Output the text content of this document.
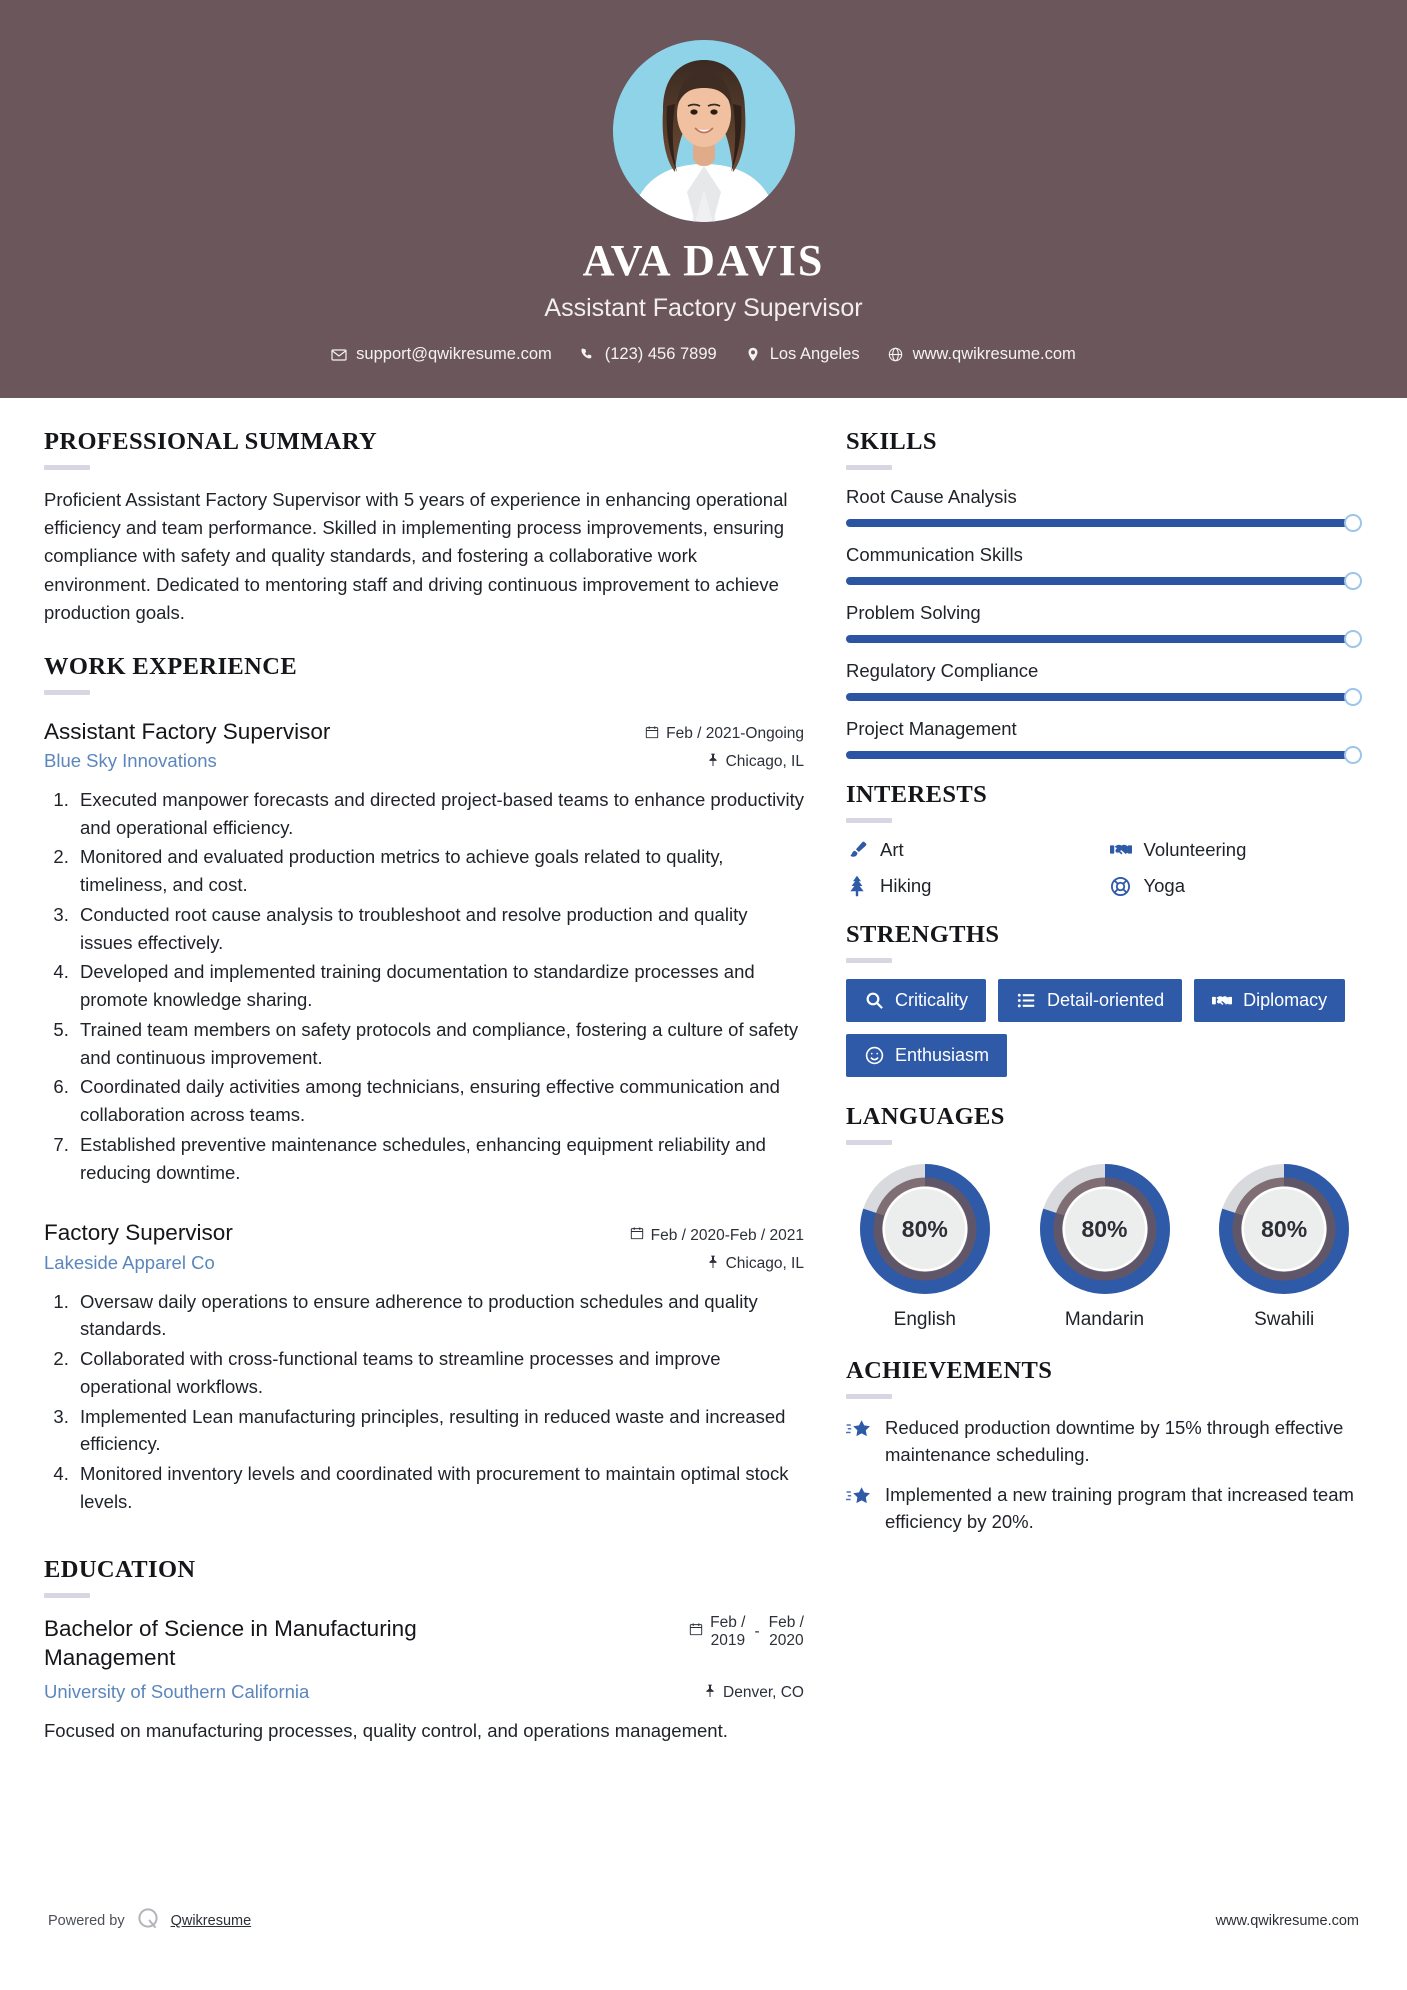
AVA DAVIS
Assistant Factory Supervisor
support@qwikresume.com	(123) 456 7899	Los Angeles	www.qwikresume.com
PROFESSIONAL SUMMARY
Proficient Assistant Factory Supervisor with 5 years of experience in enhancing operational efficiency and team performance. Skilled in implementing process improvements, ensuring compliance with safety and quality standards, and fostering a collaborative work environment. Dedicated to mentoring staff and driving continuous improvement to achieve production goals.
WORK EXPERIENCE
Assistant Factory Supervisor	Feb / 2021-Ongoing
Blue Sky Innovations	Chicago, IL
1. Executed manpower forecasts and directed project-based teams to enhance productivity and operational efficiency.
2. Monitored and evaluated production metrics to achieve goals related to quality, timeliness, and cost.
3. Conducted root cause analysis to troubleshoot and resolve production and quality issues effectively.
4. Developed and implemented training documentation to standardize processes and promote knowledge sharing.
5. Trained team members on safety protocols and compliance, fostering a culture of safety and continuous improvement.
6. Coordinated daily activities among technicians, ensuring effective communication and collaboration across teams.
7. Established preventive maintenance schedules, enhancing equipment reliability and reducing downtime.
Factory Supervisor	Feb / 2020-Feb / 2021
Lakeside Apparel Co	Chicago, IL
1. Oversaw daily operations to ensure adherence to production schedules and quality standards.
2. Collaborated with cross-functional teams to streamline processes and improve operational workflows.
3. Implemented Lean manufacturing principles, resulting in reduced waste and increased efficiency.
4. Monitored inventory levels and coordinated with procurement to maintain optimal stock levels.
EDUCATION
Bachelor of Science in Manufacturing Management
Feb /
2019
-
Feb /
2020
University of Southern California	Denver, CO
Focused on manufacturing processes, quality control, and operations management.
SKILLS
Root Cause Analysis
Communication Skills
Problem Solving
Regulatory Compliance
Project Management
INTERESTS
Art	Volunteering
Hiking	Yoga
STRENGTHS
Criticality	Detail-oriented	Diplomacy
Enthusiasm
LANGUAGES
80%
English
80%
Mandarin
80%
Swahili
ACHIEVEMENTS
Reduced production downtime by 15% through effective maintenance scheduling.
Implemented a new training program that increased team efficiency by 20%.
Powered by	Qwikresume	www.qwikresume.com
